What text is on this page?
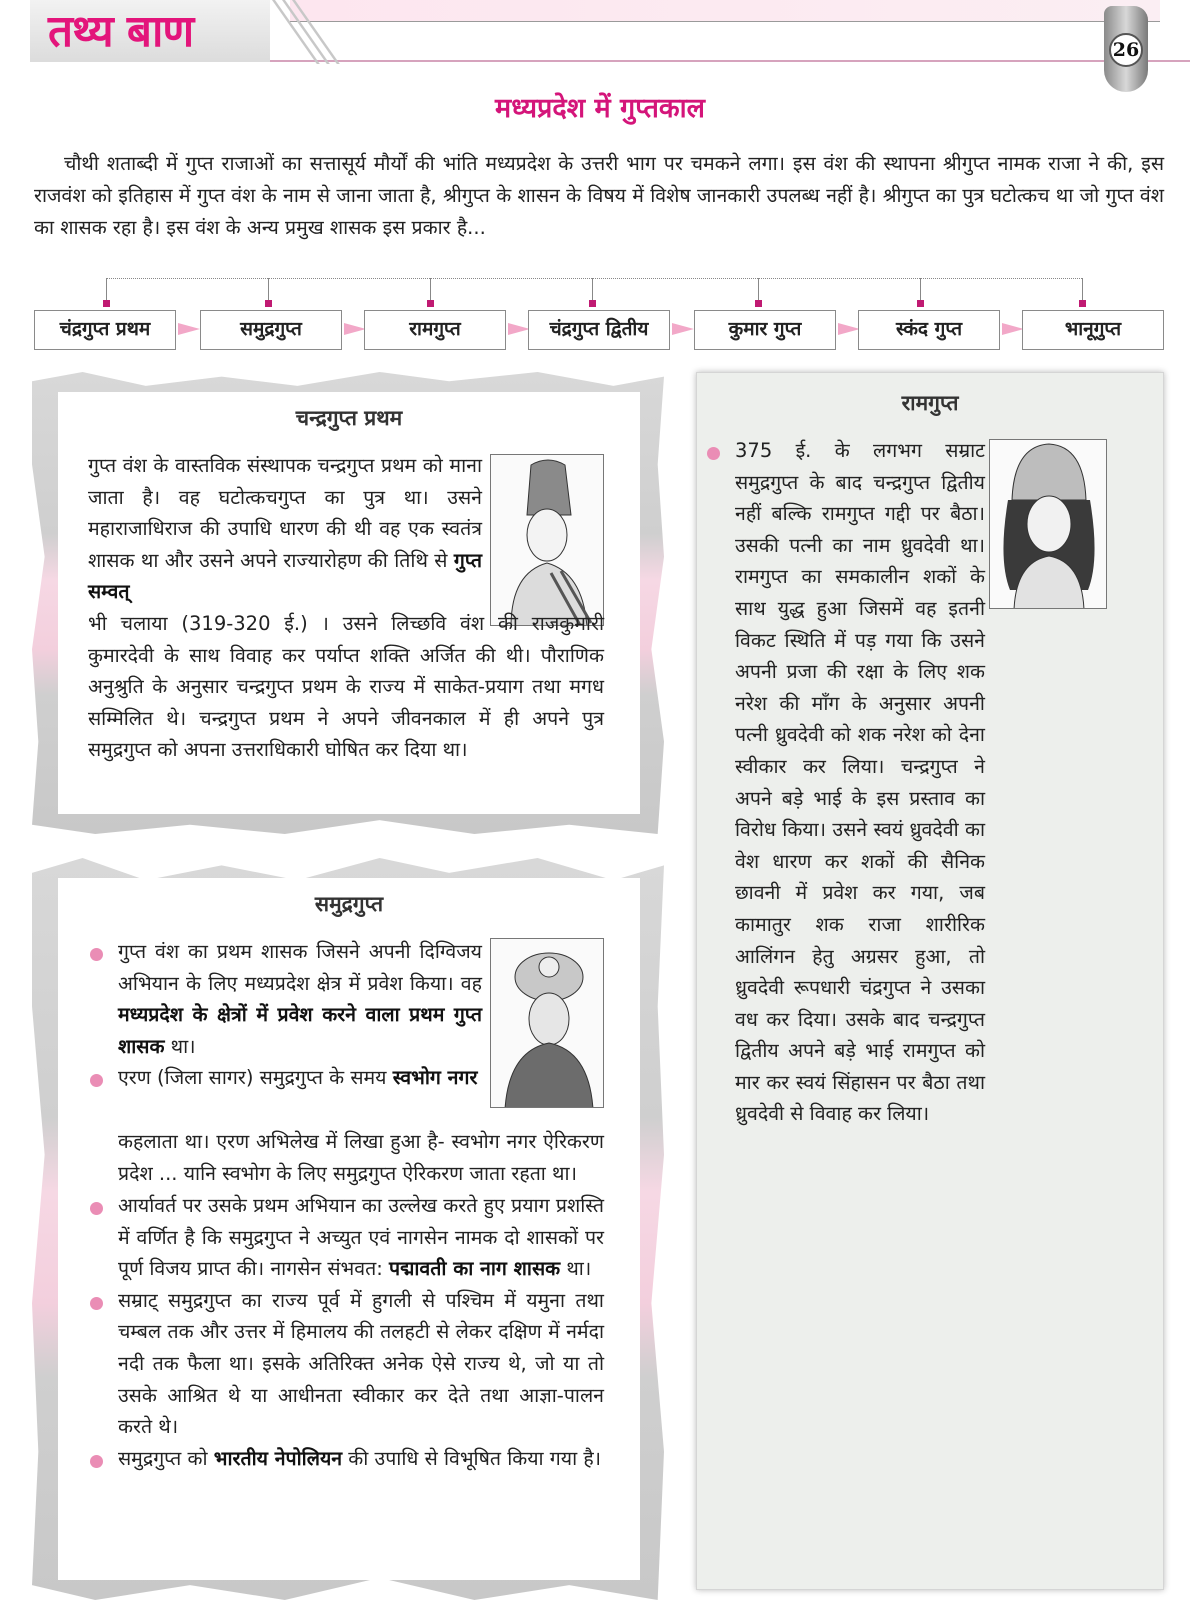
तथ्य बाण	26
मध्यप्रदेश में गुप्तकाल

चौथी शताब्दी में गुप्त राजाओं का सत्तासूर्य मौर्यों की भांति मध्यप्रदेश के उत्तरी भाग पर चमकने लगा। इस वंश की स्थापना श्रीगुप्त नामक राजा ने की, इस राजवंश को इतिहास में गुप्त वंश के नाम से जाना जाता है, श्रीगुप्त के शासन के विषय में विशेष जानकारी उपलब्ध नहीं है। श्रीगुप्त का पुत्र घटोत्कच था जो गुप्त वंश का शासक रहा है। इस वंश के अन्य प्रमुख शासक इस प्रकार है...

चंद्रगुप्त प्रथम	समुद्रगुप्त	रामगुप्त	चंद्रगुप्त द्वितीय	कुमार गुप्त	स्कंद गुप्त	भानूगुप्त
चन्द्रगुप्त प्रथम
गुप्त वंश के वास्तविक संस्थापक चन्द्रगुप्त प्रथम को माना जाता है। वह घटोत्कचगुप्त का पुत्र था। उसने महाराजाधिराज की उपाधि धारण की थी वह एक स्वतंत्र शासक था और उसने अपने राज्यारोहण की तिथि से गुप्त सम्वत्
भी चलाया (319-320 ई.) । उसने लिच्छवि वंश की राजकुमारी कुमारदेवी के साथ विवाह कर पर्याप्त शक्ति अर्जित की थी। पौराणिक अनुश्रुति के अनुसार चन्द्रगुप्त प्रथम के राज्य में साकेत-प्रयाग तथा मगध सम्मिलित थे। चन्द्रगुप्त प्रथम ने अपने जीवनकाल में ही अपने पुत्र समुद्रगुप्त को अपना उत्तराधिकारी घोषित कर दिया था।
समुद्रगुप्त
गुप्त वंश का प्रथम शासक जिसने अपनी दिग्विजय अभियान के लिए मध्यप्रदेश क्षेत्र में प्रवेश किया। वह मध्यप्रदेश के क्षेत्रों में प्रवेश करने वाला प्रथम गुप्त शासक था।
एरण (जिला सागर) समुद्रगुप्त के समय स्वभोग नगर
कहलाता था। एरण अभिलेख में लिखा हुआ है- स्वभोग नगर ऐरिकरण प्रदेश ... यानि स्वभोग के लिए समुद्रगुप्त ऐरिकरण जाता रहता था।
आर्यावर्त पर उसके प्रथम अभियान का उल्लेख करते हुए प्रयाग प्रशस्ति में वर्णित है कि समुद्रगुप्त ने अच्युत एवं नागसेन नामक दो शासकों पर पूर्ण विजय प्राप्त की। नागसेन संभवत: पद्मावती का नाग शासक था।
सम्राट् समुद्रगुप्त का राज्य पूर्व में हुगली से पश्चिम में यमुना तथा चम्बल तक और उत्तर में हिमालय की तलहटी से लेकर दक्षिण में नर्मदा नदी तक फैला था। इसके अतिरिक्त अनेक ऐसे राज्य थे, जो या तो उसके आश्रित थे या आधीनता स्वीकार कर देते तथा आज्ञा-पालन करते थे।
समुद्रगुप्त को भारतीय नेपोलियन की उपाधि से विभूषित किया गया है।
रामगुप्त
375 ई. के लगभग सम्राट समुद्रगुप्त के बाद चन्द्रगुप्त द्वितीय नहीं बल्कि रामगुप्त गद्दी पर बैठा। उसकी पत्नी का नाम ध्रुवदेवी था। रामगुप्त का समकालीन शकों के साथ युद्ध हुआ जिसमें वह इतनी विकट स्थिति में पड़ गया कि उसने अपनी प्रजा की रक्षा के लिए शक नरेश की माँग के अनुसार अपनी पत्नी ध्रुवदेवी को शक नरेश को देना स्वीकार कर लिया। चन्द्रगुप्त ने अपने बड़े भाई के इस प्रस्ताव का विरोध किया। उसने स्वयं ध्रुवदेवी का वेश धारण कर शकों की सैनिक छावनी में प्रवेश कर गया, जब कामातुर शक राजा शारीरिक आलिंगन हेतु अग्रसर हुआ, तो ध्रुवदेवी रूपधारी चंद्रगुप्त ने उसका वध कर दिया। उसके बाद चन्द्रगुप्त द्वितीय अपने बड़े भाई रामगुप्त को मार कर स्वयं सिंहासन पर बैठा तथा ध्रुवदेवी से विवाह कर लिया।
